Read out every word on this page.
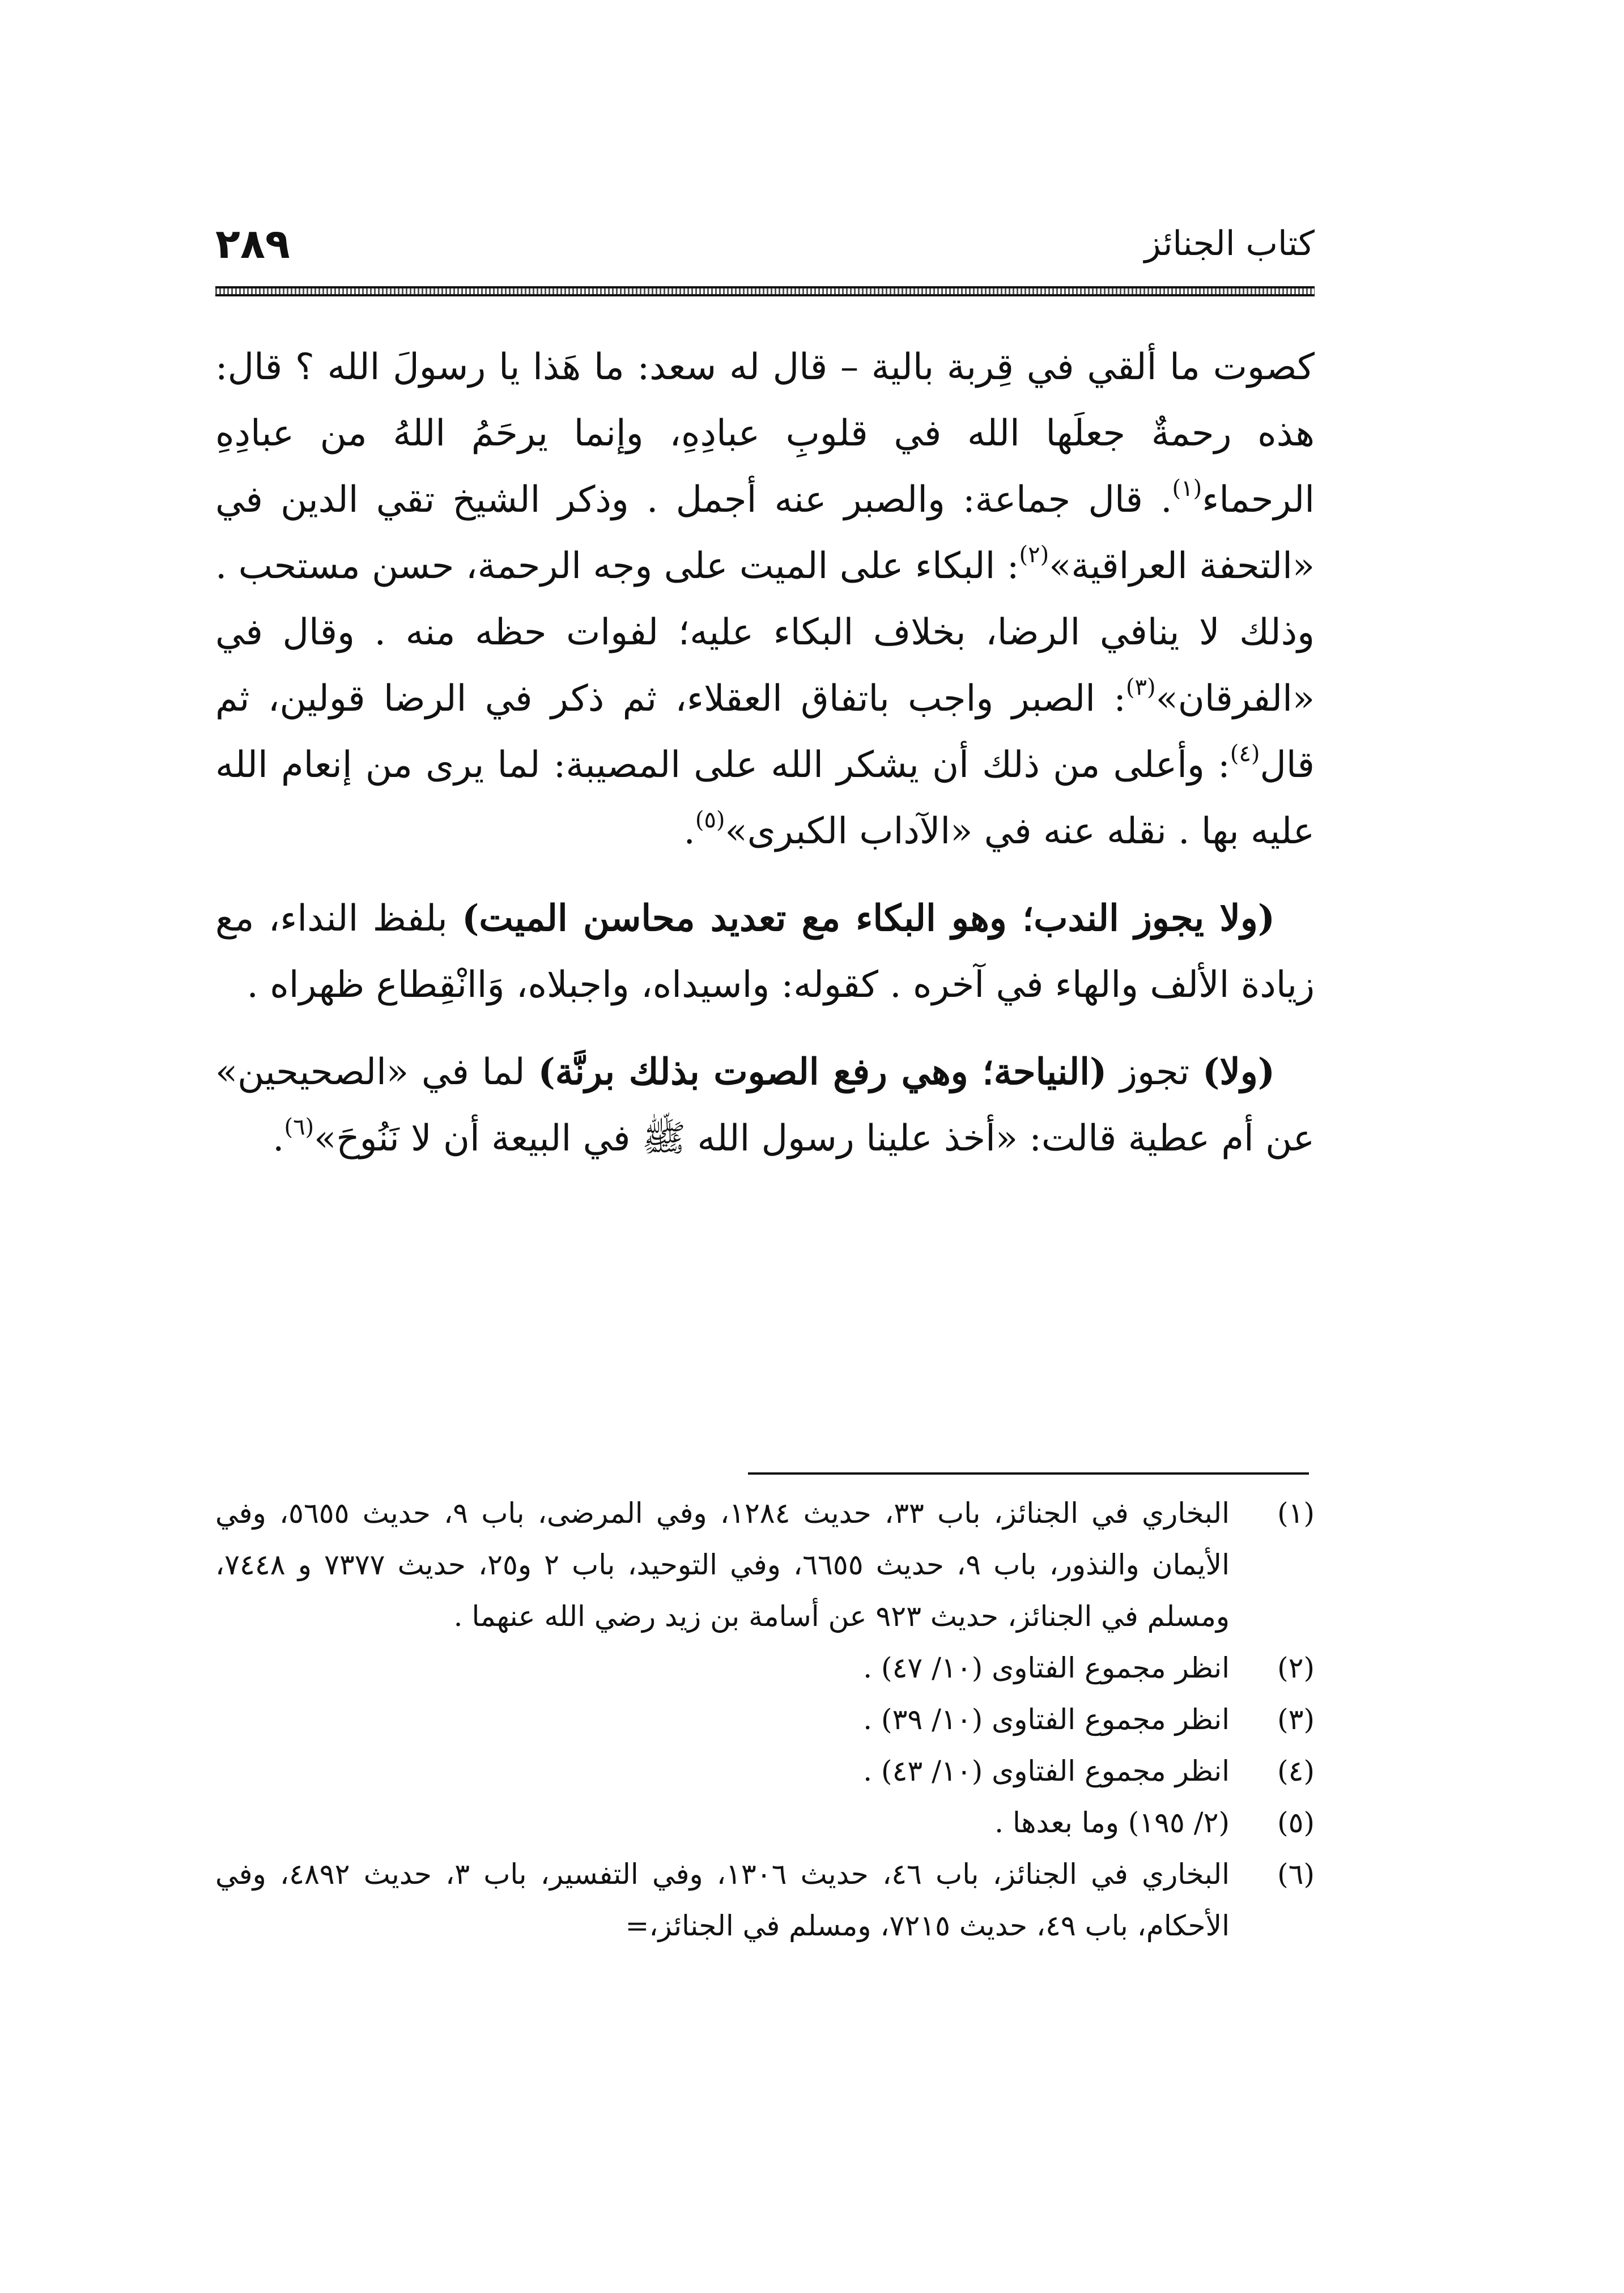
٢٨٩	كتاب الجنائز

كصوت ما ألقي في قِربة بالية – قال له سعد: ما هَذا يا رسولَ الله ؟ قال: هذه رحمةٌ جعلَها الله في قلوبِ عبادِهِ، وإنما يرحَمُ اللهُ من عبادِهِ الرحماء$^{(١)}$. قال جماعة: والصبر عنه أجمل . وذكر الشيخ تقي الدين في «التحفة العراقية»$^{(٢)}$: البكاء على الميت على وجه الرحمة، حسن مستحب . وذلك لا ينافي الرضا، بخلاف البكاء عليه؛ لفوات حظه منه . وقال في «الفرقان»$^{(٣)}$: الصبر واجب باتفاق العقلاء، ثم ذكر في الرضا قولين، ثم قال$^{(٤)}$: وأعلى من ذلك أن يشكر الله على المصيبة: لما يرى من إنعام الله عليه بها . نقله عنه في «الآداب الكبرى»$^{(٥)}$.

(ولا يجوز الندب؛ وهو البكاء مع تعديد محاسن الميت) بلفظ النداء، مع زيادة الألف والهاء في آخره . كقوله: واسيداه، واجبلاه، وَاانْقِطاع ظهراه .

(ولا) تجوز (النياحة؛ وهي رفع الصوت بذلك برنَّة) لما في «الصحيحين» عن أم عطية قالت: «أخذ علينا رسول الله ﷺ في البيعة أن لا نَنُوحَ»$^{(٦)}$.

(١)
البخاري في الجنائز، باب ٣٣، حديث ١٢٨٤، وفي المرضى، باب ٩، حديث ٥٦٥٥، وفي الأيمان والنذور، باب ٩، حديث ٦٦٥٥، وفي التوحيد، باب ٢ و٢٥، حديث ٧٣٧٧ و ٧٤٤٨، ومسلم في الجنائز، حديث ٩٢٣ عن أسامة بن زيد رضي الله عنهما .
(٢)
انظر مجموع الفتاوى (١٠/ ٤٧) .
(٣)
انظر مجموع الفتاوى (١٠/ ٣٩) .
(٤)
انظر مجموع الفتاوى (١٠/ ٤٣) .
(٥)
(٢/ ١٩٥) وما بعدها .
(٦)
البخاري في الجنائز، باب ٤٦، حديث ١٣٠٦، وفي التفسير، باب ٣، حديث ٤٨٩٢، وفي الأحكام، باب ٤٩، حديث ٧٢١٥، ومسلم في الجنائز،=
